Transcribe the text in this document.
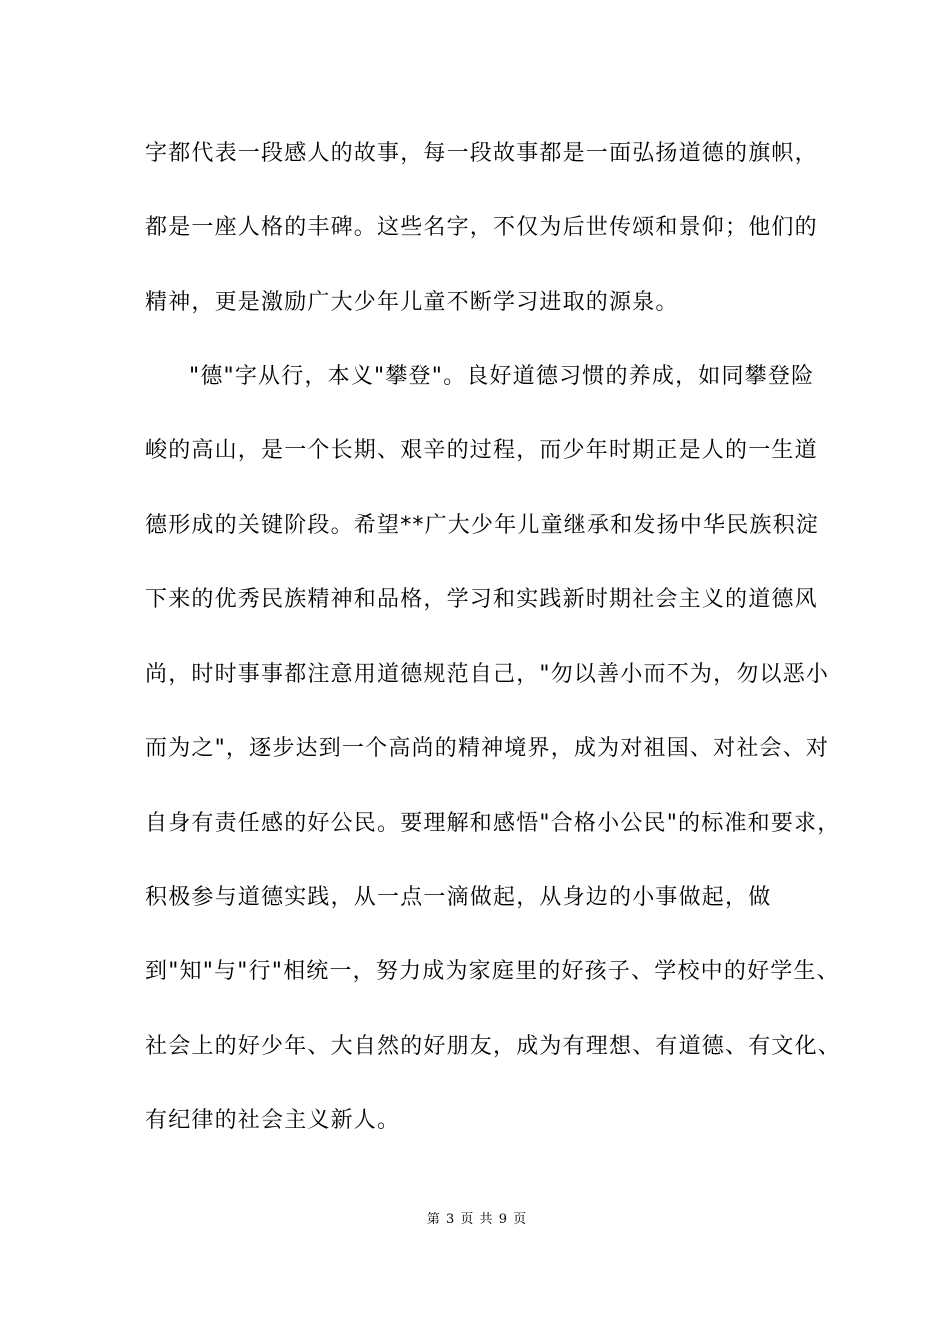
字都代表一段感人的故事，每一段故事都是一面弘扬道德的旗帜，
都是一座人格的丰碑。这些名字，不仅为后世传颂和景仰；他们的
精神，更是激励广大少年儿童不断学习进取的源泉。
"德"字从行，本义"攀登"。良好道德习惯的养成，如同攀登险
峻的高山，是一个长期、艰辛的过程，而少年时期正是人的一生道
德形成的关键阶段。希望**广大少年儿童继承和发扬中华民族积淀
下来的优秀民族精神和品格，学习和实践新时期社会主义的道德风
尚，时时事事都注意用道德规范自己，"勿以善小而不为，勿以恶小
而为之"，逐步达到一个高尚的精神境界，成为对祖国、对社会、对
自身有责任感的好公民。要理解和感悟"合格小公民"的标准和要求，
积极参与道德实践，从一点一滴做起，从身边的小事做起，做
到"知"与"行"相统一，努力成为家庭里的好孩子、学校中的好学生、
社会上的好少年、大自然的好朋友，成为有理想、有道德、有文化、
有纪律的社会主义新人。
第 3 页 共 9 页
